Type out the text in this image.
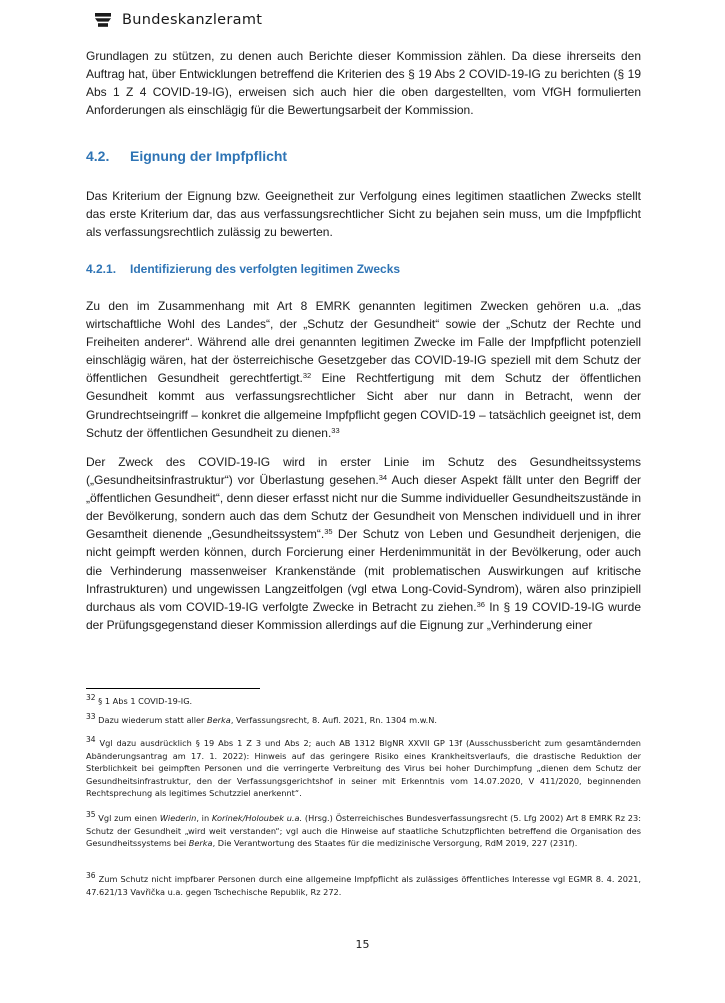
Bundeskanzleramt

Grundlagen zu stützen, zu denen auch Berichte dieser Kommission zählen. Da diese ihrerseits den Auftrag hat, über Entwicklungen betreffend die Kriterien des § 19 Abs 2 COVID-19-IG zu berichten (§ 19 Abs 1 Z 4 COVID-19-IG), erweisen sich auch hier die oben dargestellten, vom VfGH formulierten Anforderungen als einschlägig für die Bewertungsarbeit der Kommission.

4.2. Eignung der Impfpflicht

Das Kriterium der Eignung bzw. Geeignetheit zur Verfolgung eines legitimen staatlichen Zwecks stellt das erste Kriterium dar, das aus verfassungsrechtlicher Sicht zu bejahen sein muss, um die Impfpflicht als verfassungsrechtlich zulässig zu bewerten.

4.2.1. Identifizierung des verfolgten legitimen Zwecks

Zu den im Zusammenhang mit Art 8 EMRK genannten legitimen Zwecken gehören u.a. „das wirtschaftliche Wohl des Landes“, der „Schutz der Gesundheit“ sowie der „Schutz der Rechte und Freiheiten anderer“. Während alle drei genannten legitimen Zwecke im Falle der Impfpflicht potenziell einschlägig wären, hat der österreichische Gesetzgeber das COVID-19-IG speziell mit dem Schutz der öffentlichen Gesundheit gerechtfertigt.$^{32}$ Eine Rechtfertigung mit dem Schutz der öffentlichen Gesundheit kommt aus verfassungsrechtlicher Sicht aber nur dann in Betracht, wenn der Grundrechtseingriff – konkret die allgemeine Impfpflicht gegen COVID-19 – tatsächlich geeignet ist, dem Schutz der öffentlichen Gesundheit zu dienen.$^{33}$

Der Zweck des COVID-19-IG wird in erster Linie im Schutz des Gesundheitssystems („Gesundheitsinfrastruktur“) vor Überlastung gesehen.$^{34}$ Auch dieser Aspekt fällt unter den Begriff der „öffentlichen Gesundheit“, denn dieser erfasst nicht nur die Summe individueller Gesundheitszustände in der Bevölkerung, sondern auch das dem Schutz der Gesundheit von Menschen individuell und in ihrer Gesamtheit dienende „Gesundheitssystem“.$^{35}$ Der Schutz von Leben und Gesundheit derjenigen, die nicht geimpft werden können, durch Forcierung einer Herdenimmunität in der Bevölkerung, oder auch die Verhinderung massenweiser Krankenstände (mit problematischen Auswirkungen auf kritische Infrastrukturen) und ungewissen Langzeitfolgen (vgl etwa Long-Covid-Syndrom), wären also prinzipiell durchaus als vom COVID-19-IG verfolgte Zwecke in Betracht zu ziehen.$^{36}$ In § 19 COVID-19-IG wurde der Prüfungsgegenstand dieser Kommission allerdings auf die Eignung zur „Verhinderung einer

$^{32}$ § 1 Abs 1 COVID-19-IG.

$^{33}$ Dazu wiederum statt aller Berka, Verfassungsrecht, 8. Aufl. 2021, Rn. 1304 m.w.N.

$^{34}$ Vgl dazu ausdrücklich § 19 Abs 1 Z 3 und Abs 2; auch AB 1312 BlgNR XXVII GP 13f (Ausschussbericht zum gesamtändernden Abänderungsantrag am 17. 1. 2022): Hinweis auf das geringere Risiko eines Krankheitsverlaufs, die drastische Reduktion der Sterblichkeit bei geimpften Personen und die verringerte Verbreitung des Virus bei hoher Durchimpfung „dienen dem Schutz der Gesundheitsinfrastruktur, den der Verfassungsgerichtshof in seiner mit Erkenntnis vom 14.07.2020, V 411/2020, beginnenden Rechtsprechung als legitimes Schutzziel anerkennt“.

$^{35}$ Vgl zum einen Wiederin, in Korinek/Holoubek u.a. (Hrsg.) Österreichisches Bundesverfassungsrecht (5. Lfg 2002) Art 8 EMRK Rz 23: Schutz der Gesundheit „wird weit verstanden“; vgl auch die Hinweise auf staatliche Schutzpflichten betreffend die Organisation des Gesundheitssystems bei Berka, Die Verantwortung des Staates für die medizinische Versorgung, RdM 2019, 227 (231f).

$^{36}$ Zum Schutz nicht impfbarer Personen durch eine allgemeine Impfpflicht als zulässiges öffentliches Interesse vgl EGMR 8. 4. 2021, 47.621/13 Vavřička u.a. gegen Tschechische Republik, Rz 272.

15
